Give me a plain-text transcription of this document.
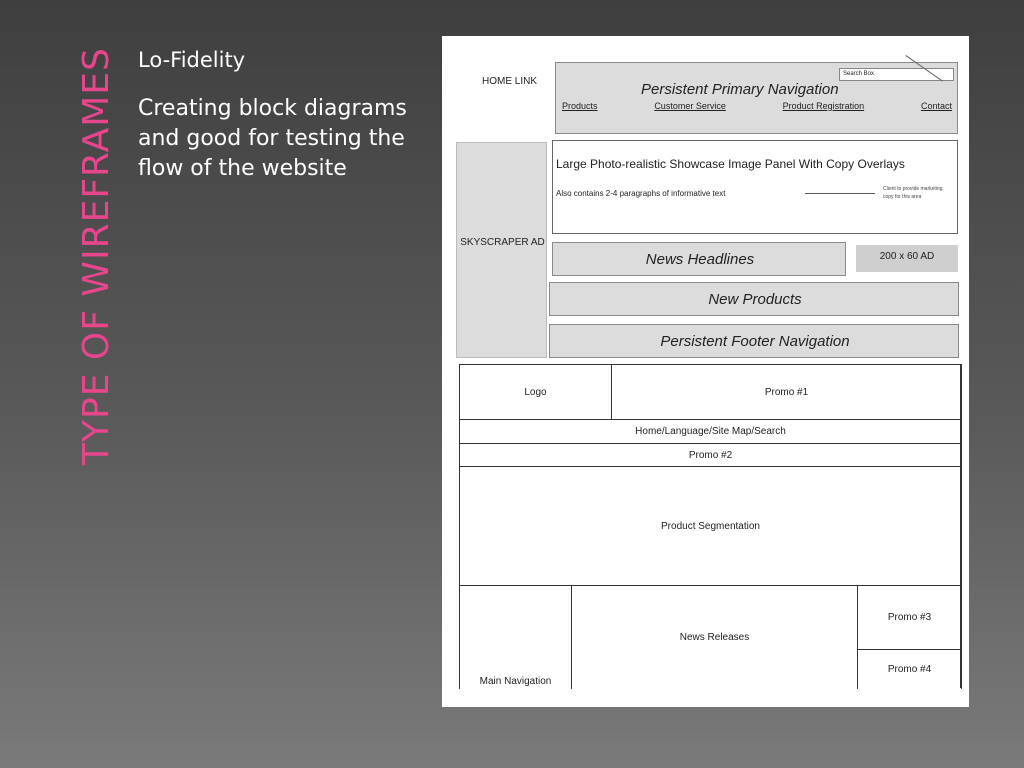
TYPE OF WIREFRAMES	Lo-Fidelity

Creating block diagrams and good for testing the flow of the website

HOME LINK	Persistent Primary Navigation
Search Box
Products	Customer Service	Product Registration	Contact
SKYSCRAPER AD
Large Photo-realistic Showcase Image Panel With Copy Overlays
Also contains 2-4 paragraphs of informative text	Client to provide marketing copy for this area
News Headlines	200 x 60 AD
New Products
Persistent Footer Navigation
Logo	Promo #1
Home/Language/Site Map/Search
Promo #2
Product Segmentation
Main Navigation
News Releases
Promo #3
Promo #4
